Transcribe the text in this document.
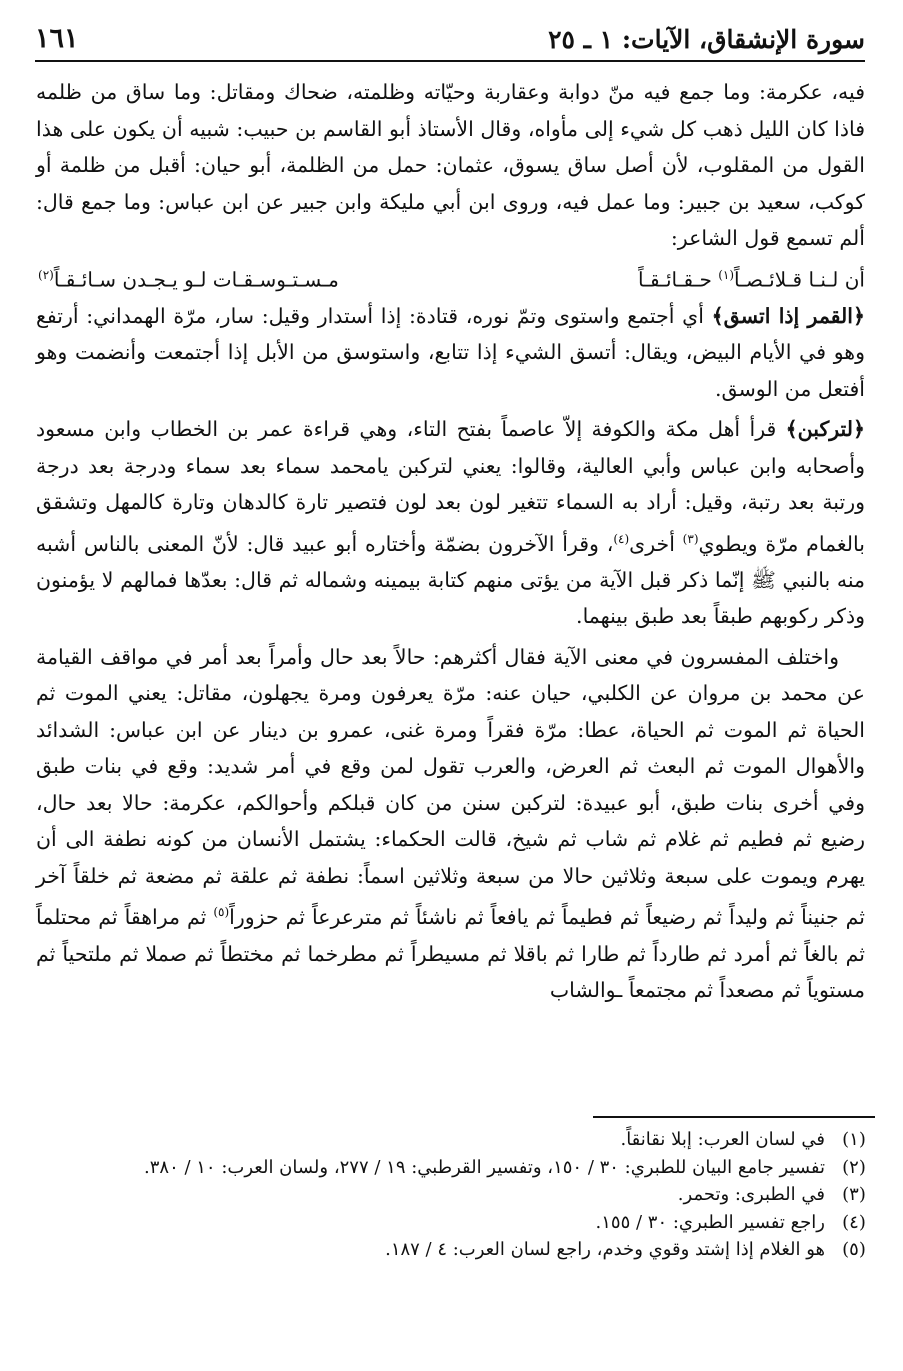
سورة الإنشقاق، الآيات: ١ ـ ٢٥
١٦١

فيه، عكرمة: وما جمع فيه منّ دوابة وعقاربة وحيّاته وظلمته، ضحاك ومقاتل: وما ساق من ظلمه فاذا كان الليل ذهب كل شيء إلى مأواه، وقال الأستاذ أبو القاسم بن حبيب: شبيه أن يكون على هذا القول من المقلوب، لأن أصل ساق يسوق، عثمان: حمل من الظلمة، أبو حيان: أقبل من ظلمة أو كوكب، سعيد بن جبير: وما عمل فيه، وروى ابن أبي مليكة وابن جبير عن ابن عباس: وما جمع قال: ألم تسمع قول الشاعر:

أن لـنـا قـلائـصـاً$^{(١)}$ حـقـائـقـاً
مـسـتـوسـقـات لـو يـجـدن سـائـقـاً$^{(٢)}$

﴿القمر إذا اتسق﴾ أي أجتمع واستوى وتمّ نوره، قتادة: إذا أستدار وقيل: سار، مرّة الهمداني: أرتفع وهو في الأيام البيض، ويقال: أتسق الشيء إذا تتابع، واستوسق من الأبل إذا أجتمعت وأنضمت وهو أفتعل من الوسق.

﴿لتركبن﴾ قرأ أهل مكة والكوفة إلاّ عاصماً بفتح التاء، وهي قراءة عمر بن الخطاب وابن مسعود وأصحابه وابن عباس وأبي العالية، وقالوا: يعني لتركبن يامحمد سماء بعد سماء ودرجة بعد درجة ورتبة بعد رتبة، وقيل: أراد به السماء تتغير لون بعد لون فتصير تارة كالدهان وتارة كالمهل وتشقق بالغمام مرّة ويطوي$^{(٣)}$ أخرى$^{(٤)}$، وقرأ الآخرون بضمّة وأختاره أبو عبيد قال: لأنّ المعنى بالناس أشبه منه بالنبي ﷺ إنّما ذكر قبل الآية من يؤتى منهم كتابة بيمينه وشماله ثم قال: بعدّها فمالهم لا يؤمنون وذكر ركوبهم طبقاً بعد طبق بينهما.

واختلف المفسرون في معنى الآية فقال أكثرهم: حالاً بعد حال وأمراً بعد أمر في مواقف القيامة عن محمد بن مروان عن الكلبي، حيان عنه: مرّة يعرفون ومرة يجهلون، مقاتل: يعني الموت ثم الحياة ثم الموت ثم الحياة، عطا: مرّة فقراً ومرة غنى، عمرو بن دينار عن ابن عباس: الشدائد والأهوال الموت ثم البعث ثم العرض، والعرب تقول لمن وقع في أمر شديد: وقع في بنات طبق وفي أخرى بنات طبق، أبو عبيدة: لتركبن سنن من كان قبلكم وأحوالكم، عكرمة: حالا بعد حال، رضيع ثم فطيم ثم غلام ثم شاب ثم شيخ، قالت الحكماء: يشتمل الأنسان من كونه نطفة الى أن يهرم ويموت على سبعة وثلاثين حالا من سبعة وثلاثين اسماً: نطفة ثم علقة ثم مضعة ثم خلقاً آخر ثم جنيناً ثم وليداً ثم رضيعاً ثم فطيماً ثم يافعاً ثم ناشئاً ثم مترعرعاً ثم حزوراً$^{(٥)}$ ثم مراهقاً ثم محتلماً ثم بالغاً ثم أمرد ثم طارداً ثم طارا ثم باقلا ثم مسيطراً ثم مطرخما ثم مختطاً ثم صملا ثم ملتحياً ثم مستوياً ثم مصعداً ثم مجتمعاً ـوالشاب

(١)
في لسان العرب: إبلا نقانقاً.
(٢)
تفسير جامع البيان للطبري: ٣٠ / ١٥٠، وتفسير القرطبي: ١٩ / ٢٧٧، ولسان العرب: ١٠ / ٣٨٠.
(٣)
في الطبرى: وتحمر.
(٤)
راجع تفسير الطبري: ٣٠ / ١٥٥.
(٥)
هو الغلام إذا إشتد وقوي وخدم، راجع لسان العرب: ٤ / ١٨٧.
